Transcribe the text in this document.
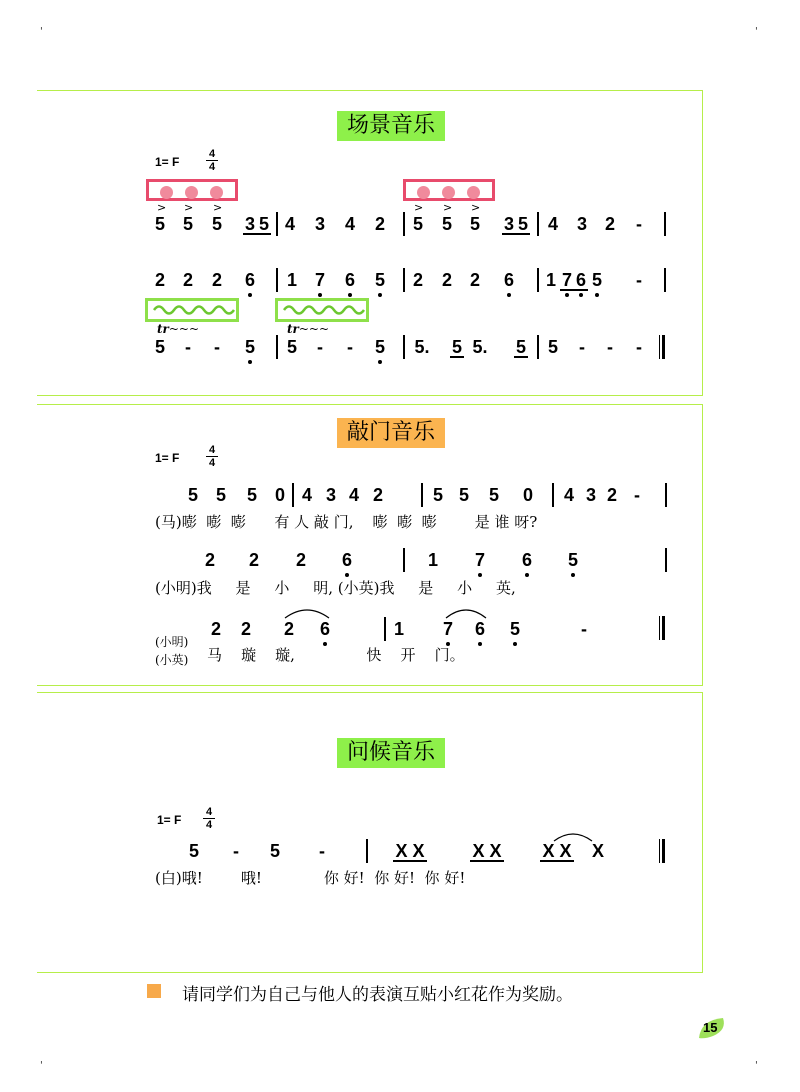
'	'
'	'
场景音乐
1= F $\frac{4}{4}$
> > >	> > >
5 5 5 3 5 4 3 4 2 5 5 5 3 5 4 3 2 -
2 2 2 6 1 7 6 5 2 2 2 6 1 7 6 5 -
tr~~~	tr~~~
5 - - 5 5 - - 5 5. 5 5. 5 5 - - -
敲门音乐
1= F $\frac{4}{4}$
5 5 5 0 4 3 4 2	5 5 5 0 4 3 2 -
(马)嘭  嘭  嘭      有 人 敲 门,    嘭  嘭  嘭        是 谁 呀?
2 2 2 6	1 7 6 5
(小明)我     是     小     明, (小英)我     是     小     英,
2 2 2 6	1 7 6 5	-
(小明)
(小英) 马    璇    璇,               快    开    门。
问候音乐
1= F $\frac{4}{4}$
5 - 5 -	X X	X X X X X
(白)哦!        哦!             你 好!  你 好!  你 好!
请同学们为自己与他人的表演互贴小红花作为奖励。
15
